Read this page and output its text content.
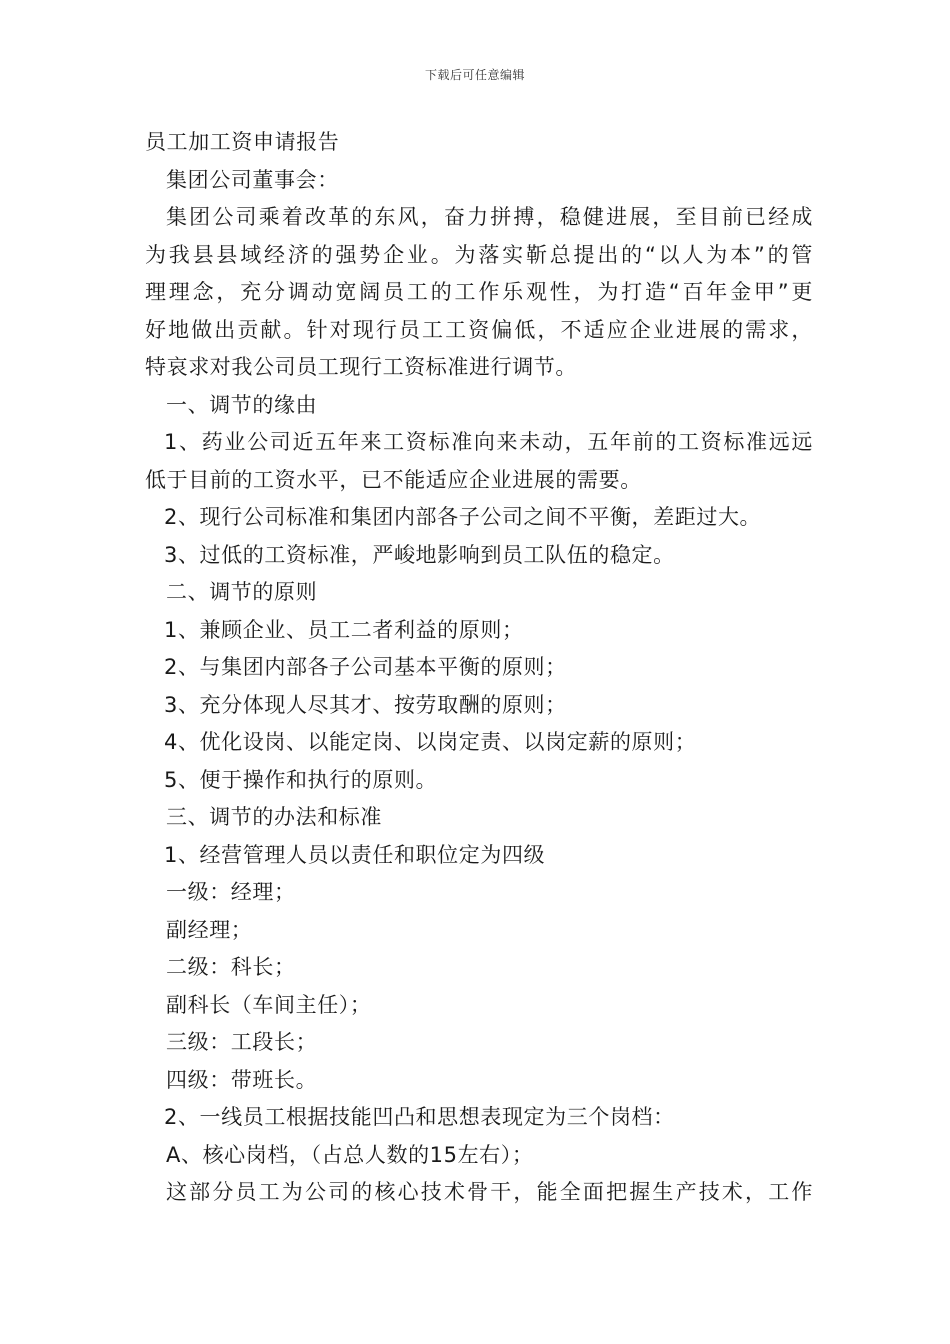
下载后可任意编辑
员工加工资申请报告
集团公司董事会：
集团公司乘着改革的东风，奋力拼搏，稳健进展，至目前已经成
为我县县域经济的强势企业。为落实靳总提出的“以人为本”的管
理理念，充分调动宽阔员工的工作乐观性，为打造“百年金甲”更
好地做出贡献。针对现行员工工资偏低，不适应企业进展的需求，
特哀求对我公司员工现行工资标准进行调节。
一、调节的缘由
1、药业公司近五年来工资标准向来未动，五年前的工资标准远远
低于目前的工资水平，已不能适应企业进展的需要。
2、现行公司标准和集团内部各子公司之间不平衡，差距过大。
3、过低的工资标准，严峻地影响到员工队伍的稳定。
二、调节的原则
1、兼顾企业、员工二者利益的原则；
2、与集团内部各子公司基本平衡的原则；
3、充分体现人尽其才、按劳取酬的原则；
4、优化设岗、以能定岗、以岗定责、以岗定薪的原则；
5、便于操作和执行的原则。
三、调节的办法和标准
1、经营管理人员以责任和职位定为四级
一级：经理；
副经理；
二级：科长；
副科长（车间主任）；
三级：工段长；
四级：带班长。
2、一线员工根据技能凹凸和思想表现定为三个岗档：
A、核心岗档，（占总人数的15左右）；
这部分员工为公司的核心技术骨干，能全面把握生产技术，工作
